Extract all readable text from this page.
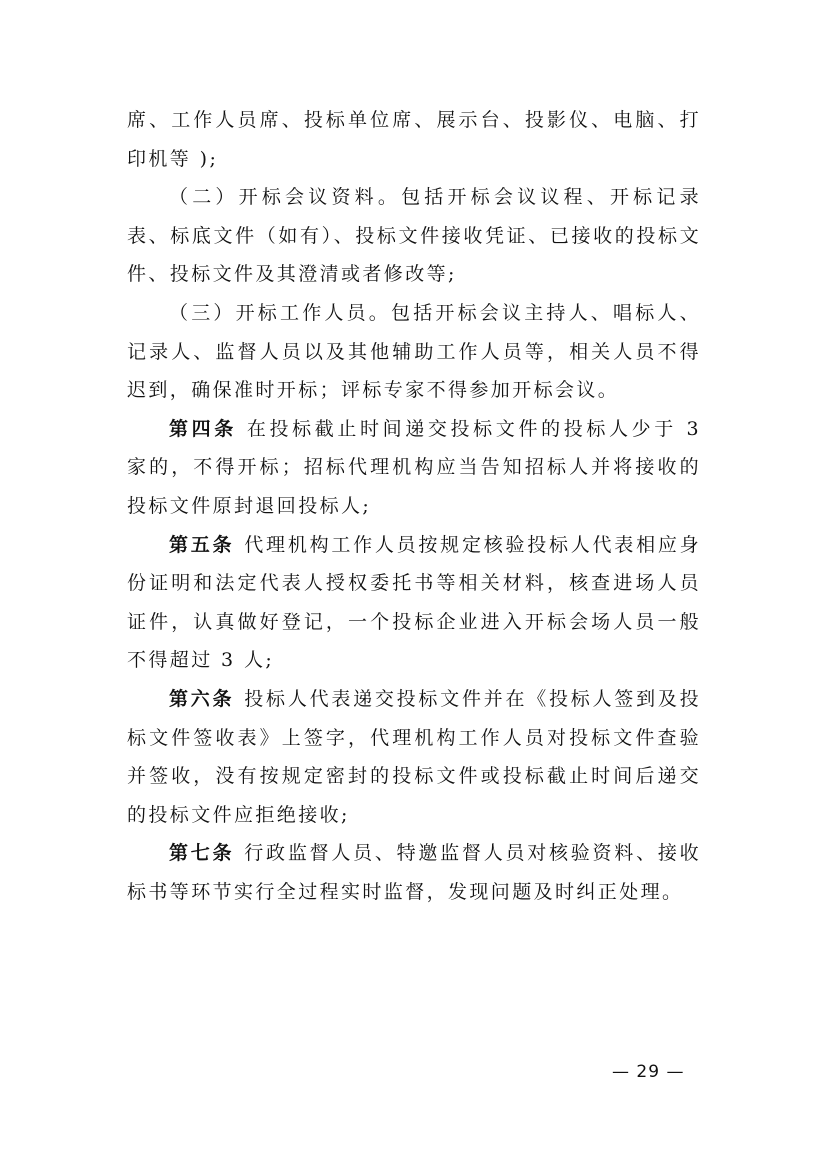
席、工作人员席、投标单位席、展示台、投影仪、电脑、打印机等 );

（二）开标会议资料。包括开标会议议程、开标记录表、标底文件（如有）、投标文件接收凭证、已接收的投标文件、投标文件及其澄清或者修改等;

（三）开标工作人员。包括开标会议主持人、唱标人、记录人、监督人员以及其他辅助工作人员等，相关人员不得迟到，确保准时开标；评标专家不得参加开标会议。

第四条 在投标截止时间递交投标文件的投标人少于 3 家的，不得开标；招标代理机构应当告知招标人并将接收的投标文件原封退回投标人;

第五条 代理机构工作人员按规定核验投标人代表相应身份证明和法定代表人授权委托书等相关材料，核查进场人员证件，认真做好登记，一个投标企业进入开标会场人员一般不得超过 3 人;

第六条 投标人代表递交投标文件并在《投标人签到及投标文件签收表》上签字，代理机构工作人员对投标文件查验并签收，没有按规定密封的投标文件或投标截止时间后递交的投标文件应拒绝接收;

第七条 行政监督人员、特邀监督人员对核验资料、接收标书等环节实行全过程实时监督，发现问题及时纠正处理。

— 29 —
